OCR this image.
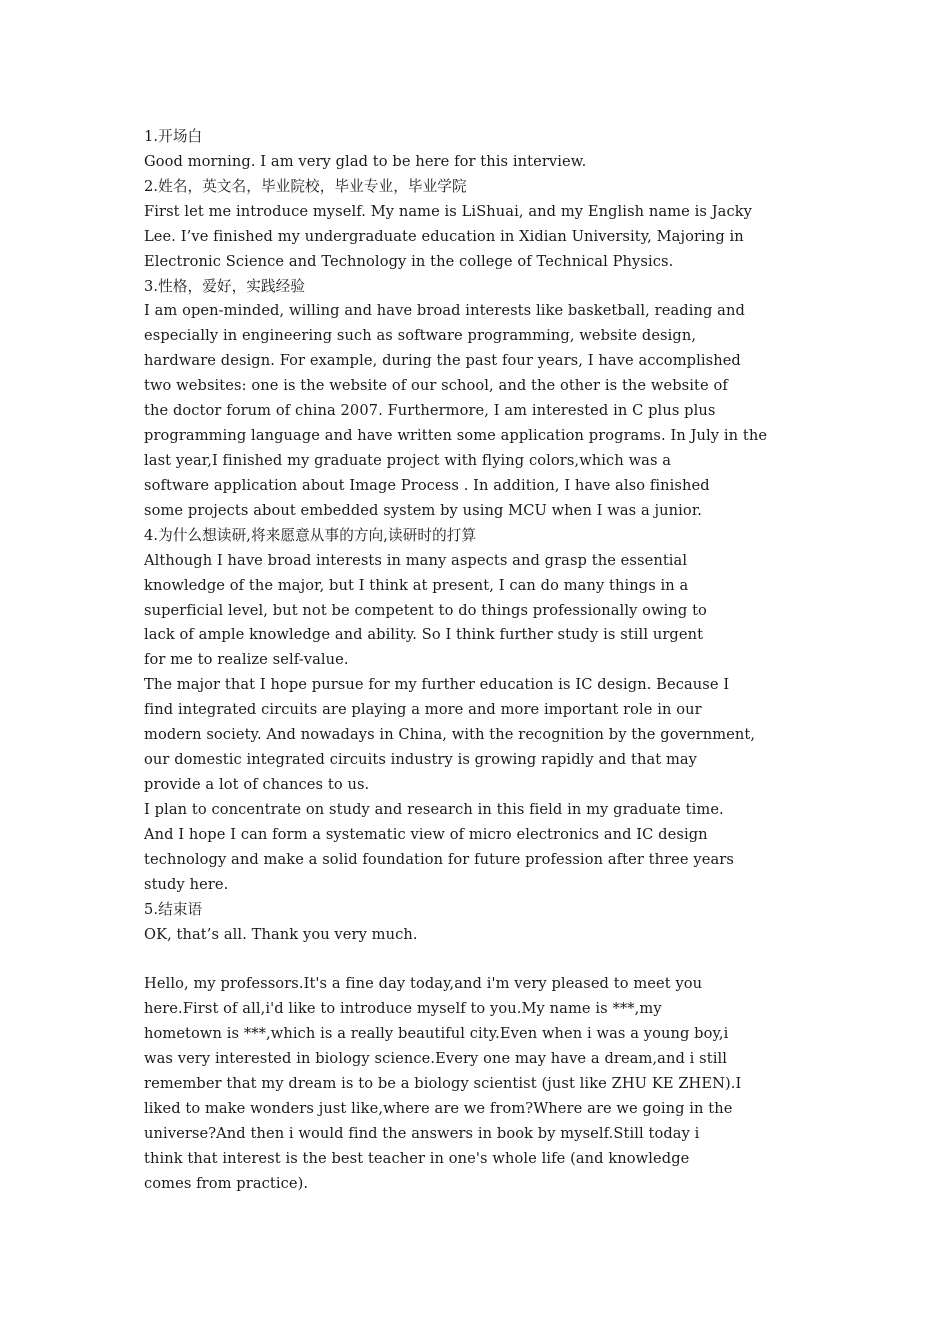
1.开场白
Good morning. I am very glad to be here for this interview.
2.姓名，英文名，毕业院校，毕业专业，毕业学院
First let me introduce myself. My name is LiShuai, and my English name is Jacky
Lee. I’ve finished my undergraduate education in Xidian University, Majoring in
Electronic Science and Technology in the college of Technical Physics.
3.性格，爱好，实践经验
I am open-minded, willing and have broad interests like basketball, reading and
especially in engineering such as software programming, website design,
hardware design. For example, during the past four years, I have accomplished
two websites: one is the website of our school, and the other is the website of
the doctor forum of china 2007. Furthermore, I am interested in C plus plus
programming language and have written some application programs. In July in the
last year,I finished my graduate project with flying colors,which was a
software application about Image Process . In addition, I have also finished
some projects about embedded system by using MCU when I was a junior.
4.为什么想读研,将来愿意从事的方向,读研时的打算
Although I have broad interests in many aspects and grasp the essential
knowledge of the major, but I think at present, I can do many things in a
superficial level, but not be competent to do things professionally owing to
lack of ample knowledge and ability. So I think further study is still urgent
for me to realize self-value.
The major that I hope pursue for my further education is IC design. Because I
find integrated circuits are playing a more and more important role in our
modern society. And nowadays in China, with the recognition by the government,
our domestic integrated circuits industry is growing rapidly and that may
provide a lot of chances to us.
I plan to concentrate on study and research in this field in my graduate time.
And I hope I can form a systematic view of micro electronics and IC design
technology and make a solid foundation for future profession after three years
study here.
5.结束语
OK, that’s all. Thank you very much.
Hello, my professors.It's a fine day today,and i'm very pleased to meet you
here.First of all,i'd like to introduce myself to you.My name is ***,my
hometown is ***,which is a really beautiful city.Even when i was a young boy,i
was very interested in biology science.Every one may have a dream,and i still
remember that my dream is to be a biology scientist (just like ZHU KE ZHEN).I
liked to make wonders just like,where are we from?Where are we going in the
universe?And then i would find the answers in book by myself.Still today i
think that interest is the best teacher in one's whole life (and knowledge
comes from practice).
